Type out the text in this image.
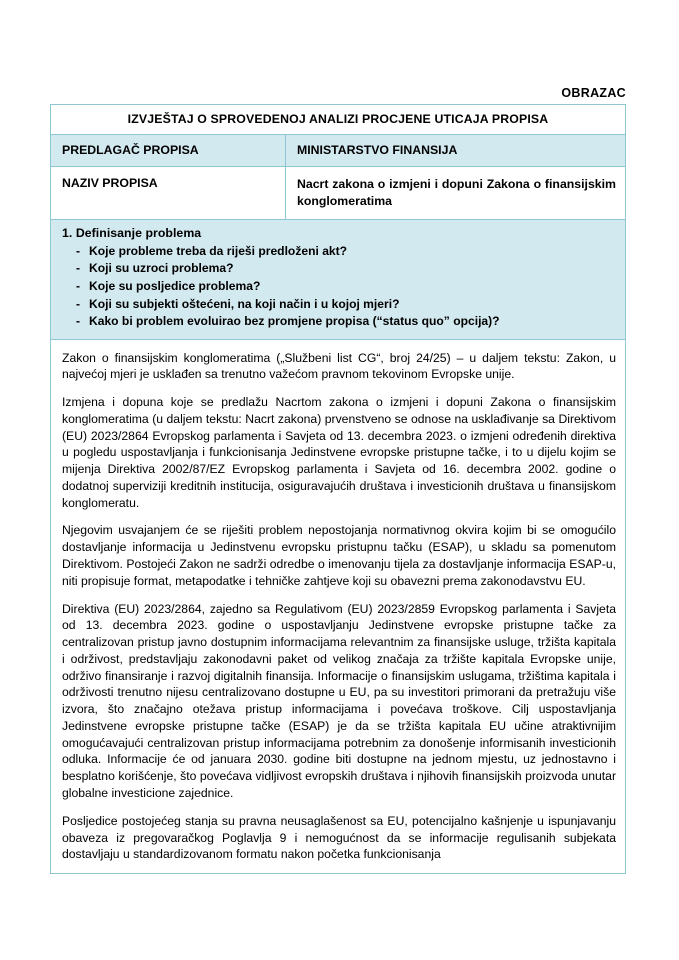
OBRAZAC
IZVJEŠTAJ O SPROVEDENOJ ANALIZI PROCJENE UTICAJA PROPISA	
PREDLAGAČ PROPISA	MINISTARSTVO FINANSIJA
NAZIV PROPISA	Nacrt zakona o izmjeni i dopuni Zakona o finansijskim konglomeratima

1. Definisanje problema
- Koje probleme treba da riješi predloženi akt?
- Koji su uzroci problema?
- Koje su posljedice problema?
- Koji su subjekti oštećeni, na koji način i u kojoj mjeri?
- Kako bi problem evoluirao bez promjene propisa (“status quo” opcija)?

Zakon o finansijskim konglomeratima („Službeni list CG“, broj 24/25) – u daljem tekstu: Zakon, u najvećoj mjeri je usklađen sa trenutno važećom pravnom tekovinom Evropske unije.

Izmjena i dopuna koje se predlažu Nacrtom zakona o izmjeni i dopuni Zakona o finansijskim konglomeratima (u daljem tekstu: Nacrt zakona) prvenstveno se odnose na usklađivanje sa Direktivom (EU) 2023/2864 Evropskog parlamenta i Savjeta od 13. decembra 2023. o izmjeni određenih direktiva u pogledu uspostavljanja i funkcionisanja Jedinstvene evropske pristupne tačke, i to u dijelu kojim se mijenja Direktiva 2002/87/EZ Evropskog parlamenta i Savjeta od 16. decembra 2002. godine o dodatnoj superviziji kreditnih institucija, osiguravajućih društava i investicionih društava u finansijskom konglomeratu.

Njegovim usvajanjem će se riješiti problem nepostojanja normativnog okvira kojim bi se omogućilo dostavljanje informacija u Jedinstvenu evropsku pristupnu tačku (ESAP), u skladu sa pomenutom Direktivom. Postojeći Zakon ne sadrži odredbe o imenovanju tijela za dostavljanje informacija ESAP-u, niti propisuje format, metapodatke i tehničke zahtjeve koji su obavezni prema zakonodavstvu EU.

Direktiva (EU) 2023/2864, zajedno sa Regulativom (EU) 2023/2859 Evropskog parlamenta i Savjeta od 13. decembra 2023. godine o uspostavljanju Jedinstvene evropske pristupne tačke za centralizovan pristup javno dostupnim informacijama relevantnim za finansijske usluge, tržišta kapitala i održivost, predstavljaju zakonodavni paket od velikog značaja za tržište kapitala Evropske unije, održivo finansiranje i razvoj digitalnih finansija. Informacije o finansijskim uslugama, tržištima kapitala i održivosti trenutno nijesu centralizovano dostupne u EU, pa su investitori primorani da pretražuju više izvora, što značajno otežava pristup informacijama i povećava troškove. Cilj uspostavljanja Jedinstvene evropske pristupne tačke (ESAP) je da se tržišta kapitala EU učine atraktivnijim omogućavajući centralizovan pristup informacijama potrebnim za donošenje informisanih investicionih odluka. Informacije će od januara 2030. godine biti dostupne na jednom mjestu, uz jednostavno i besplatno korišćenje, što povećava vidljivost evropskih društava i njihovih finansijskih proizvoda unutar globalne investicione zajednice.

Posljedice postojećeg stanja su pravna neusaglašenost sa EU, potencijalno kašnjenje u ispunjavanju obaveza iz pregovaračkog Poglavlja 9 i nemogućnost da se informacije regulisanih subjekata dostavljaju u standardizovanom formatu nakon početka funkcionisanja	
